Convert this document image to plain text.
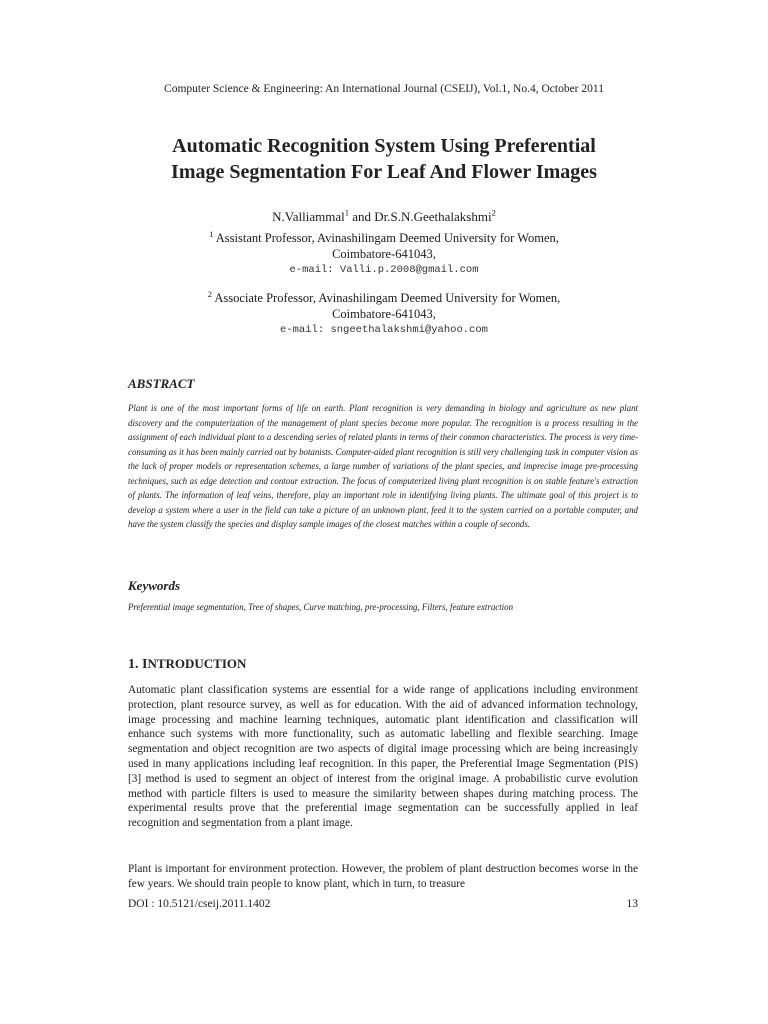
Computer Science & Engineering: An International Journal (CSEIJ), Vol.1, No.4, October 2011
Automatic Recognition System Using Preferential
Image Segmentation For Leaf And Flower Images
N.Valliammal$^1$ and Dr.S.N.Geethalakshmi$^2$
$^1$ Assistant Professor, Avinashilingam Deemed University for Women,
Coimbatore-641043,
e-mail: Valli.p.2008@gmail.com
$^2$ Associate Professor, Avinashilingam Deemed University for Women,
Coimbatore-641043,
e-mail: sngeethalakshmi@yahoo.com
ABSTRACT
Plant is one of the most important forms of life on earth. Plant recognition is very demanding in biology and agriculture as new plant discovery and the computerization of the management of plant species become more popular. The recognition is a process resulting in the assignment of each individual plant to a descending series of related plants in terms of their common characteristics. The process is very time-consuming as it has been mainly carried out by botanists. Computer-aided plant recognition is still very challenging task in computer vision as the lack of proper models or representation schemes, a large number of variations of the plant species, and imprecise image pre-processing techniques, such as edge detection and contour extraction. The focus of computerized living plant recognition is on stable feature's extraction of plants. The information of leaf veins, therefore, play an important role in identifying living plants. The ultimate goal of this project is to develop a system where a user in the field can take a picture of an unknown plant, feed it to the system carried on a portable computer, and have the system classify the species and display sample images of the closest matches within a couple of seconds.
Keywords
Preferential image segmentation, Tree of shapes, Curve matching, pre-processing, Filters, feature extraction
1. INTRODUCTION
Automatic plant classification systems are essential for a wide range of applications including environment protection, plant resource survey, as well as for education. With the aid of advanced information technology, image processing and machine learning techniques, automatic plant identification and classification will enhance such systems with more functionality, such as automatic labelling and flexible searching. Image segmentation and object recognition are two aspects of digital image processing which are being increasingly used in many applications including leaf recognition. In this paper, the Preferential Image Segmentation (PIS) [3] method is used to segment an object of interest from the original image. A probabilistic curve evolution method with particle filters is used to measure the similarity between shapes during matching process. The experimental results prove that the preferential image segmentation can be successfully applied in leaf recognition and segmentation from a plant image.
Plant is important for environment protection. However, the problem of plant destruction becomes worse in the few years. We should train people to know plant, which in turn, to treasure
DOI : 10.5121/cseij.2011.1402	13
